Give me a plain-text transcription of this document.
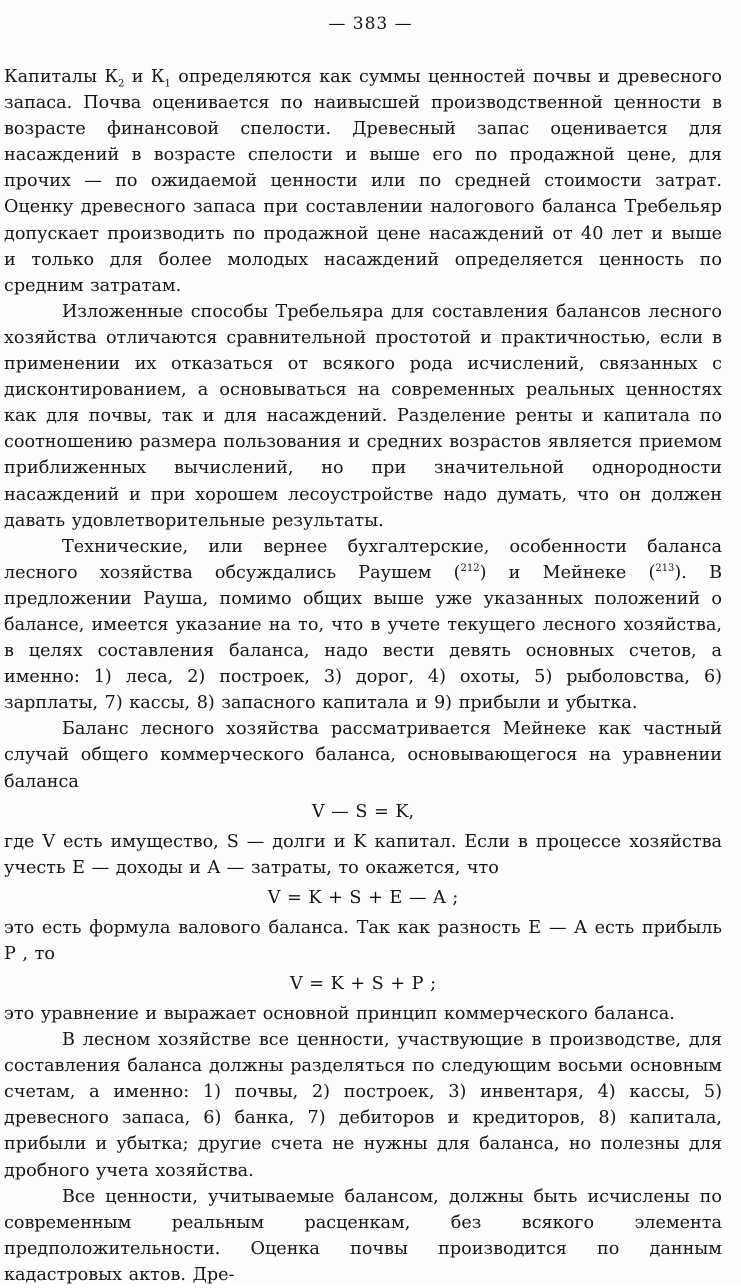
— 383 —

Капиталы $К_2$ и $К_1$ определяются как суммы ценностей почвы и древесного запаса. Почва оценивается по наивысшей производственной ценности в возрасте финансовой спелости. Древесный запас оценивается для насаждений в возрасте спелости и выше его по продажной цене, для прочих — по ожидаемой ценности или по средней стоимости затрат. Оценку древесного запаса при составлении налогового баланса Требельяр допускает производить по продажной цене насаждений от 40 лет и выше и только для более молодых насаждений определяется ценность по средним затратам.

Изложенные способы Требельяра для составления балансов лесного хозяйства отличаются сравнительной простотой и практичностью, если в применении их отказаться от всякого рода исчислений, связанных с дисконтированием, а основываться на современных реальных ценностях как для почвы, так и для насаждений. Разделение ренты и капитала по соотношению размера пользования и средних возрастов является приемом приближенных вычислений, но при значительной однородности насаждений и при хорошем лесоустройстве надо думать, что он должен давать удовлетворительные результаты.

Технические, или вернее бухгалтерские, особенности баланса лесного хозяйства обсуждались Раушем ($^{212}$) и Мейнеке ($^{213}$). В предложении Рауша, помимо общих выше уже указанных положений о балансе, имеется указание на то, что в учете текущего лесного хозяйства, в целях составления баланса, надо вести девять основных счетов, а именно: 1) леса, 2) построек, 3) дорог, 4) охоты, 5) рыболовства, 6) зарплаты, 7) кассы, 8) запасного капитала и 9) прибыли и убытка.

Баланс лесного хозяйства рассматривается Мейнеке как частный случай общего коммерческого баланса, основывающегося на уравнении баланса

V — S = K,

где V есть имущество, S — долги и K капитал. Если в процессе хозяйства учесть E — доходы и A — затраты, то окажется, что

V = K + S + E — A ;

это есть формула валового баланса. Так как разность E — A есть прибыль P , то

V = K + S + P ;

это уравнение и выражает основной принцип коммерческого баланса.

В лесном хозяйстве все ценности, участвующие в производстве, для составления баланса должны разделяться по следующим восьми основным счетам, а именно: 1) почвы, 2) построек, 3) инвентаря, 4) кассы, 5) древесного запаса, 6) банка, 7) дебиторов и кредиторов, 8) капитала, прибыли и убытка; другие счета не нужны для баланса, но полезны для дробного учета хозяйства.

Все ценности, учитываемые балансом, должны быть исчислены по современным реальным расценкам, без всякого элемента предположительности. Оценка почвы производится по данным кадастровых актов. Дре-
